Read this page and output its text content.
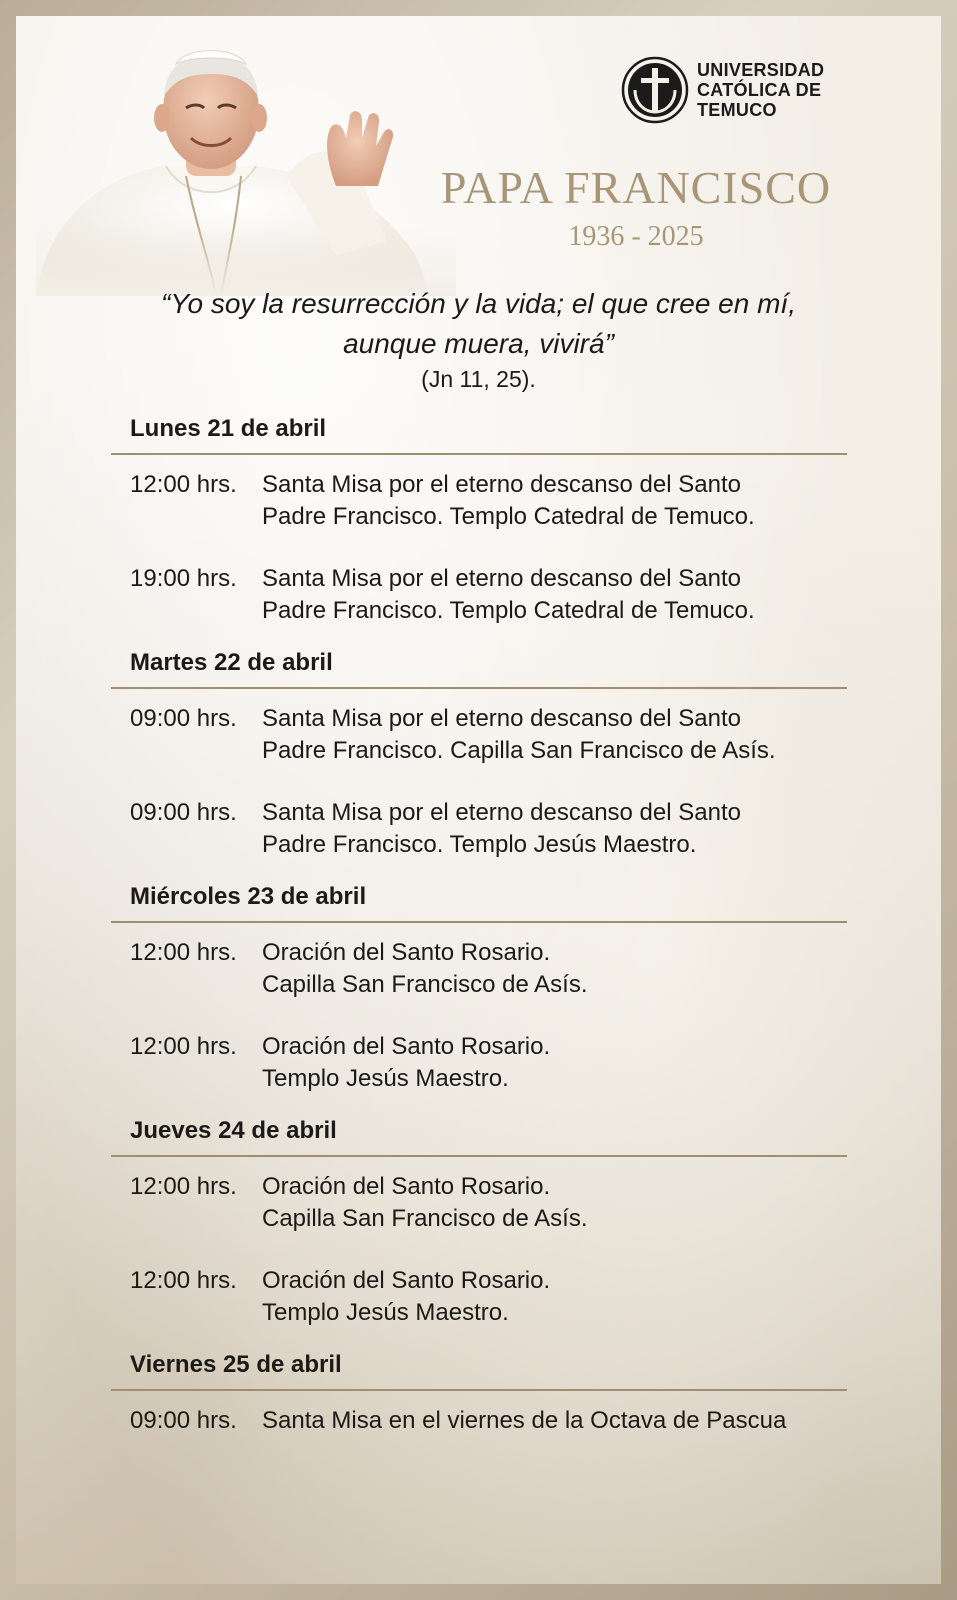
UNIVERSIDAD
CATÓLICA DE
TEMUCO
PAPA FRANCISCO
1936 - 2025
“Yo soy la resurrección y la vida; el que cree en mí,
aunque muera, vivirá”
(Jn 11, 25).
Lunes 21 de abril
12:00 hrs.	Santa Misa por el eterno descanso del Santo
Padre Francisco. Templo Catedral de Temuco.
19:00 hrs.	Santa Misa por el eterno descanso del Santo
Padre Francisco. Templo Catedral de Temuco.
Martes 22 de abril
09:00 hrs.	Santa Misa por el eterno descanso del Santo
Padre Francisco. Capilla San Francisco de Asís.
09:00 hrs.	Santa Misa por el eterno descanso del Santo
Padre Francisco. Templo Jesús Maestro.
Miércoles 23 de abril
12:00 hrs.	Oración del Santo Rosario.
Capilla San Francisco de Asís.
12:00 hrs.	Oración del Santo Rosario.
Templo Jesús Maestro.
Jueves 24 de abril
12:00 hrs.	Oración del Santo Rosario.
Capilla San Francisco de Asís.
12:00 hrs.	Oración del Santo Rosario.
Templo Jesús Maestro.
Viernes 25 de abril
09:00 hrs.	Santa Misa en el viernes de la Octava de Pascua
